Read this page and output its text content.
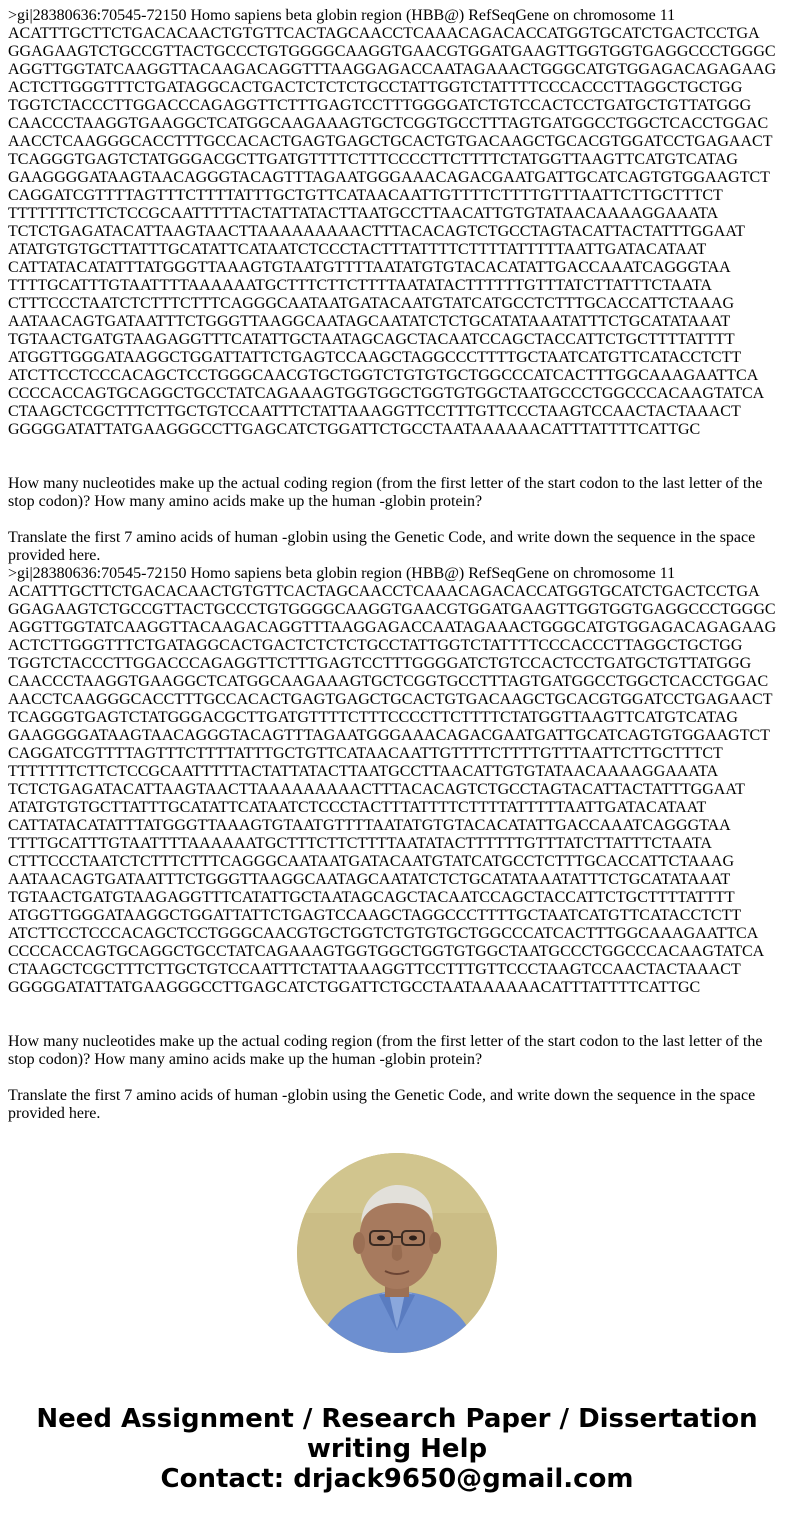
>gi|28380636:70545-72150 Homo sapiens beta globin region (HBB@) RefSeqGene on chromosome 11
ACATTTGCTTCTGACACAACTGTGTTCACTAGCAACCTCAAACAGACACCATGGTGCATCTGACTCCTGA
GGAGAAGTCTGCCGTTACTGCCCTGTGGGGCAAGGTGAACGTGGATGAAGTTGGTGGTGAGGCCCTGGGC
AGGTTGGTATCAAGGTTACAAGACAGGTTTAAGGAGACCAATAGAAACTGGGCATGTGGAGACAGAGAAG
ACTCTTGGGTTTCTGATAGGCACTGACTCTCTCTGCCTATTGGTCTATTTTCCCACCCTTAGGCTGCTGG
TGGTCTACCCTTGGACCCAGAGGTTCTTTGAGTCCTTTGGGGATCTGTCCACTCCTGATGCTGTTATGGG
CAACCCTAAGGTGAAGGCTCATGGCAAGAAAGTGCTCGGTGCCTTTAGTGATGGCCTGGCTCACCTGGAC
AACCTCAAGGGCACCTTTGCCACACTGAGTGAGCTGCACTGTGACAAGCTGCACGTGGATCCTGAGAACT
TCAGGGTGAGTCTATGGGACGCTTGATGTTTTCTTTCCCCTTCTTTTCTATGGTTAAGTTCATGTCATAG
GAAGGGGATAAGTAACAGGGTACAGTTTAGAATGGGAAACAGACGAATGATTGCATCAGTGTGGAAGTCT
CAGGATCGTTTTAGTTTCTTTTATTTGCTGTTCATAACAATTGTTTTCTTTTGTTTAATTCTTGCTTTCT
TTTTTTTCTTCTCCGCAATTTTTACTATTATACTTAATGCCTTAACATTGTGTATAACAAAAGGAAATA
TCTCTGAGATACATTAAGTAACTTAAAAAAAAACTTTACACAGTCTGCCTAGTACATTACTATTTGGAAT
ATATGTGTGCTTATTTGCATATTCATAATCTCCCTACTTTATTTTCTTTTATTTTTAATTGATACATAAT
CATTATACATATTTATGGGTTAAAGTGTAATGTTTTAATATGTGTACACATATTGACCAAATCAGGGTAA
TTTTGCATTTGTAATTTTAAAAAATGCTTTCTTCTTTTAATATACTTTTTTGTTTATCTTATTTCTAATA
CTTTCCCTAATCTCTTTCTTTCAGGGCAATAATGATACAATGTATCATGCCTCTTTGCACCATTCTAAAG
AATAACAGTGATAATTTCTGGGTTAAGGCAATAGCAATATCTCTGCATATAAATATTTCTGCATATAAAT
TGTAACTGATGTAAGAGGTTTCATATTGCTAATAGCAGCTACAATCCAGCTACCATTCTGCTTTTATTTT
ATGGTTGGGATAAGGCTGGATTATTCTGAGTCCAAGCTAGGCCCTTTTGCTAATCATGTTCATACCTCTT
ATCTTCCTCCCACAGCTCCTGGGCAACGTGCTGGTCTGTGTGCTGGCCCATCACTTTGGCAAAGAATTCA
CCCCACCAGTGCAGGCTGCCTATCAGAAAGTGGTGGCTGGTGTGGCTAATGCCCTGGCCCACAAGTATCA
CTAAGCTCGCTTTCTTGCTGTCCAATTTCTATTAAAGGTTCCTTTGTTCCCTAAGTCCAACTACTAAACT
GGGGGATATTATGAAGGGCCTTGAGCATCTGGATTCTGCCTAATAAAAAACATTTATTTTCATTGC
How many nucleotides make up the actual coding region (from the first letter of the start codon to the last letter of the stop codon)? How many amino acids make up the human -globin protein?
Translate the first 7 amino acids of human -globin using the Genetic Code, and write down the sequence in the space provided here.
>gi|28380636:70545-72150 Homo sapiens beta globin region (HBB@) RefSeqGene on chromosome 11
ACATTTGCTTCTGACACAACTGTGTTCACTAGCAACCTCAAACAGACACCATGGTGCATCTGACTCCTGA
GGAGAAGTCTGCCGTTACTGCCCTGTGGGGCAAGGTGAACGTGGATGAAGTTGGTGGTGAGGCCCTGGGC
AGGTTGGTATCAAGGTTACAAGACAGGTTTAAGGAGACCAATAGAAACTGGGCATGTGGAGACAGAGAAG
ACTCTTGGGTTTCTGATAGGCACTGACTCTCTCTGCCTATTGGTCTATTTTCCCACCCTTAGGCTGCTGG
TGGTCTACCCTTGGACCCAGAGGTTCTTTGAGTCCTTTGGGGATCTGTCCACTCCTGATGCTGTTATGGG
CAACCCTAAGGTGAAGGCTCATGGCAAGAAAGTGCTCGGTGCCTTTAGTGATGGCCTGGCTCACCTGGAC
AACCTCAAGGGCACCTTTGCCACACTGAGTGAGCTGCACTGTGACAAGCTGCACGTGGATCCTGAGAACT
TCAGGGTGAGTCTATGGGACGCTTGATGTTTTCTTTCCCCTTCTTTTCTATGGTTAAGTTCATGTCATAG
GAAGGGGATAAGTAACAGGGTACAGTTTAGAATGGGAAACAGACGAATGATTGCATCAGTGTGGAAGTCT
CAGGATCGTTTTAGTTTCTTTTATTTGCTGTTCATAACAATTGTTTTCTTTTGTTTAATTCTTGCTTTCT
TTTTTTTCTTCTCCGCAATTTTTACTATTATACTTAATGCCTTAACATTGTGTATAACAAAAGGAAATA
TCTCTGAGATACATTAAGTAACTTAAAAAAAAACTTTACACAGTCTGCCTAGTACATTACTATTTGGAAT
ATATGTGTGCTTATTTGCATATTCATAATCTCCCTACTTTATTTTCTTTTATTTTTAATTGATACATAAT
CATTATACATATTTATGGGTTAAAGTGTAATGTTTTAATATGTGTACACATATTGACCAAATCAGGGTAA
TTTTGCATTTGTAATTTTAAAAAATGCTTTCTTCTTTTAATATACTTTTTTGTTTATCTTATTTCTAATA
CTTTCCCTAATCTCTTTCTTTCAGGGCAATAATGATACAATGTATCATGCCTCTTTGCACCATTCTAAAG
AATAACAGTGATAATTTCTGGGTTAAGGCAATAGCAATATCTCTGCATATAAATATTTCTGCATATAAAT
TGTAACTGATGTAAGAGGTTTCATATTGCTAATAGCAGCTACAATCCAGCTACCATTCTGCTTTTATTTT
ATGGTTGGGATAAGGCTGGATTATTCTGAGTCCAAGCTAGGCCCTTTTGCTAATCATGTTCATACCTCTT
ATCTTCCTCCCACAGCTCCTGGGCAACGTGCTGGTCTGTGTGCTGGCCCATCACTTTGGCAAAGAATTCA
CCCCACCAGTGCAGGCTGCCTATCAGAAAGTGGTGGCTGGTGTGGCTAATGCCCTGGCCCACAAGTATCA
CTAAGCTCGCTTTCTTGCTGTCCAATTTCTATTAAAGGTTCCTTTGTTCCCTAAGTCCAACTACTAAACT
GGGGGATATTATGAAGGGCCTTGAGCATCTGGATTCTGCCTAATAAAAAACATTTATTTTCATTGC
How many nucleotides make up the actual coding region (from the first letter of the start codon to the last letter of the stop codon)? How many amino acids make up the human -globin protein?
Translate the first 7 amino acids of human -globin using the Genetic Code, and write down the sequence in the space provided here.
Need Assignment / Research Paper / Dissertation
writing Help
Contact: drjack9650@gmail.com
